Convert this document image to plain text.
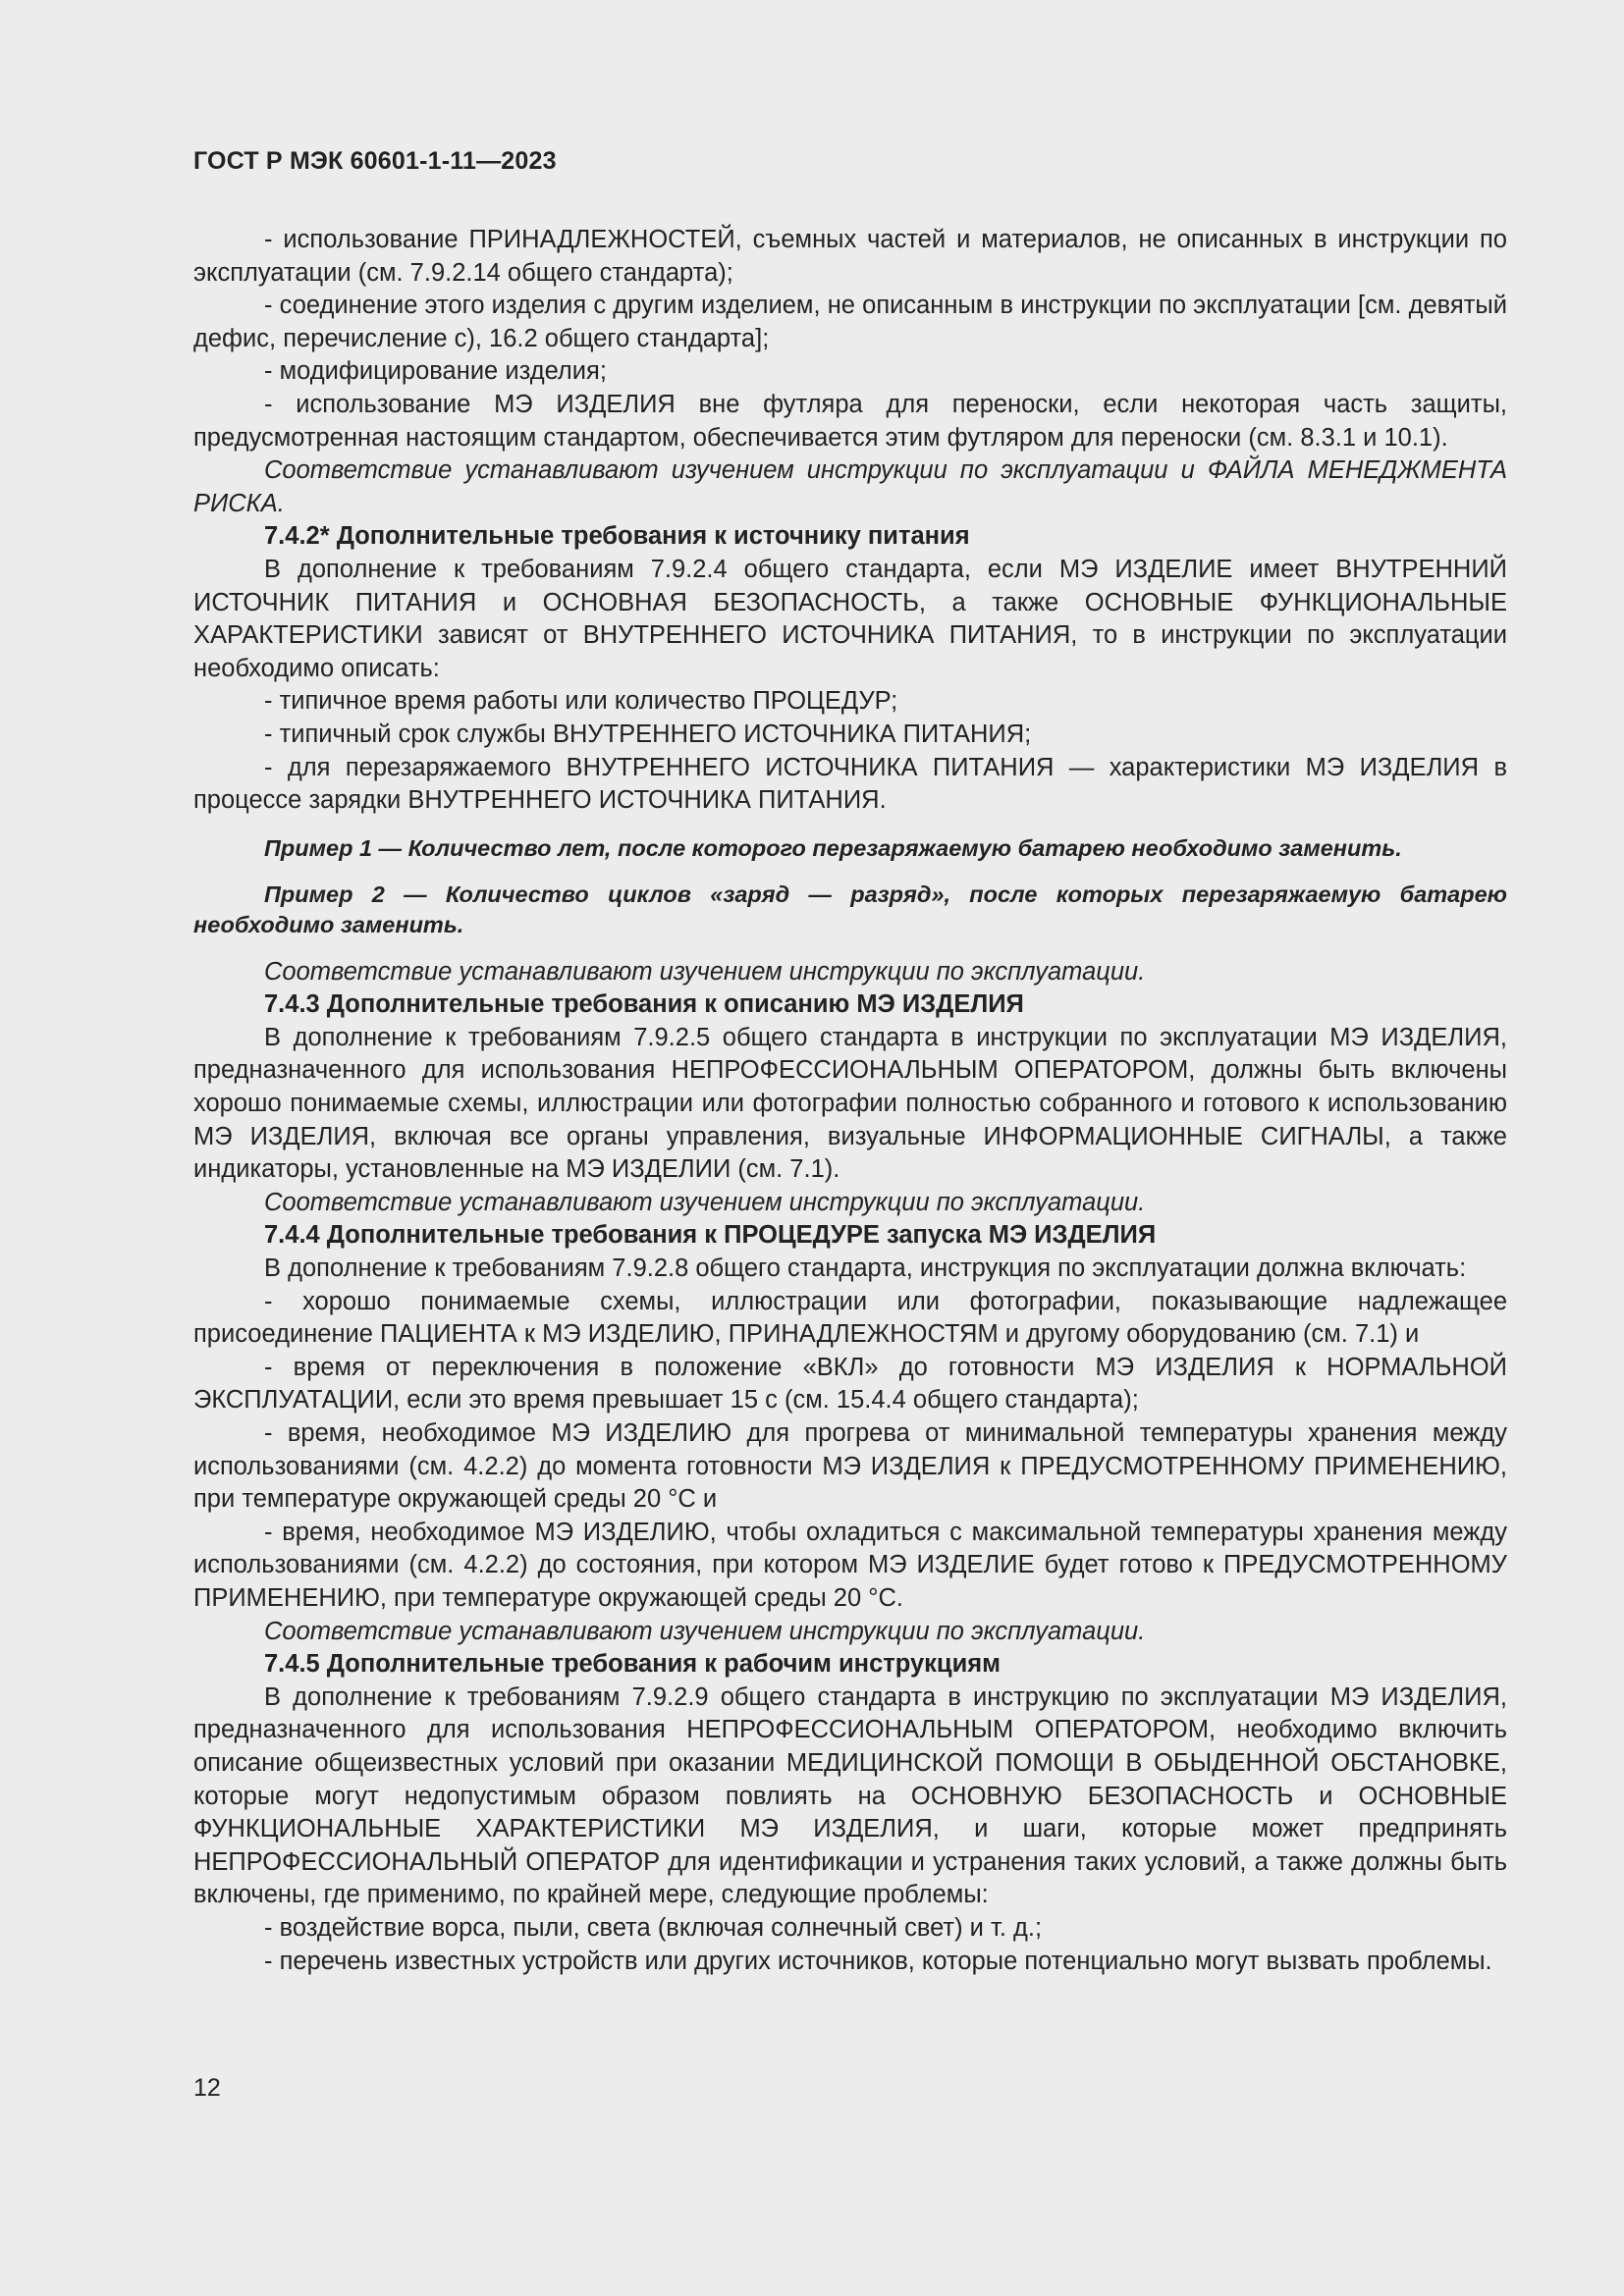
ГОСТ Р МЭК 60601-1-11—2023

- использование ПРИНАДЛЕЖНОСТЕЙ, съемных частей и материалов, не описанных в инструкции по эксплуатации (см. 7.9.2.14 общего стандарта);

- соединение этого изделия с другим изделием, не описанным в инструкции по эксплуатации [см. девятый дефис, перечисление с), 16.2 общего стандарта];

- модифицирование изделия;

- использование МЭ ИЗДЕЛИЯ вне футляра для переноски, если некоторая часть защиты, предусмотренная настоящим стандартом, обеспечивается этим футляром для переноски (см. 8.3.1 и 10.1).

Соответствие устанавливают изучением инструкции по эксплуатации и ФАЙЛА МЕНЕДЖМЕНТА РИСКА.

7.4.2* Дополнительные требования к источнику питания

В дополнение к требованиям 7.9.2.4 общего стандарта, если МЭ ИЗДЕЛИЕ имеет ВНУТРЕННИЙ ИСТОЧНИК ПИТАНИЯ и ОСНОВНАЯ БЕЗОПАСНОСТЬ, а также ОСНОВНЫЕ ФУНКЦИОНАЛЬНЫЕ ХАРАКТЕРИСТИКИ зависят от ВНУТРЕННЕГО ИСТОЧНИКА ПИТАНИЯ, то в инструкции по эксплуатации необходимо описать:

- типичное время работы или количество ПРОЦЕДУР;

- типичный срок службы ВНУТРЕННЕГО ИСТОЧНИКА ПИТАНИЯ;

- для перезаряжаемого ВНУТРЕННЕГО ИСТОЧНИКА ПИТАНИЯ — характеристики МЭ ИЗДЕЛИЯ в процессе зарядки ВНУТРЕННЕГО ИСТОЧНИКА ПИТАНИЯ.

Пример 1 — Количество лет, после которого перезаряжаемую батарею необходимо заменить.

Пример 2 — Количество циклов «заряд — разряд», после которых перезаряжаемую батарею необходимо заменить.

Соответствие устанавливают изучением инструкции по эксплуатации.

7.4.3 Дополнительные требования к описанию МЭ ИЗДЕЛИЯ

В дополнение к требованиям 7.9.2.5 общего стандарта в инструкции по эксплуатации МЭ ИЗДЕЛИЯ, предназначенного для использования НЕПРОФЕССИОНАЛЬНЫМ ОПЕРАТОРОМ, должны быть включены хорошо понимаемые схемы, иллюстрации или фотографии полностью собранного и готового к использованию МЭ ИЗДЕЛИЯ, включая все органы управления, визуальные ИНФОРМАЦИОННЫЕ СИГНАЛЫ, а также индикаторы, установленные на МЭ ИЗДЕЛИИ (см. 7.1).

Соответствие устанавливают изучением инструкции по эксплуатации.

7.4.4 Дополнительные требования к ПРОЦЕДУРЕ запуска МЭ ИЗДЕЛИЯ

В дополнение к требованиям 7.9.2.8 общего стандарта, инструкция по эксплуатации должна включать:

- хорошо понимаемые схемы, иллюстрации или фотографии, показывающие надлежащее присоединение ПАЦИЕНТА к МЭ ИЗДЕЛИЮ, ПРИНАДЛЕЖНОСТЯМ и другому оборудованию (см. 7.1) и

- время от переключения в положение «ВКЛ» до готовности МЭ ИЗДЕЛИЯ к НОРМАЛЬНОЙ ЭКСПЛУАТАЦИИ, если это время превышает 15 с (см. 15.4.4 общего стандарта);

- время, необходимое МЭ ИЗДЕЛИЮ для прогрева от минимальной температуры хранения между использованиями (см. 4.2.2) до момента готовности МЭ ИЗДЕЛИЯ к ПРЕДУСМОТРЕННОМУ ПРИМЕНЕНИЮ, при температуре окружающей среды 20 °С и

- время, необходимое МЭ ИЗДЕЛИЮ, чтобы охладиться с максимальной температуры хранения между использованиями (см. 4.2.2) до состояния, при котором МЭ ИЗДЕЛИЕ будет готово к ПРЕДУСМОТРЕННОМУ ПРИМЕНЕНИЮ, при температуре окружающей среды 20 °С.

Соответствие устанавливают изучением инструкции по эксплуатации.

7.4.5 Дополнительные требования к рабочим инструкциям

В дополнение к требованиям 7.9.2.9 общего стандарта в инструкцию по эксплуатации МЭ ИЗДЕЛИЯ, предназначенного для использования НЕПРОФЕССИОНАЛЬНЫМ ОПЕРАТОРОМ, необходимо включить описание общеизвестных условий при оказании МЕДИЦИНСКОЙ ПОМОЩИ В ОБЫДЕННОЙ ОБСТАНОВКЕ, которые могут недопустимым образом повлиять на ОСНОВНУЮ БЕЗОПАСНОСТЬ и ОСНОВНЫЕ ФУНКЦИОНАЛЬНЫЕ ХАРАКТЕРИСТИКИ МЭ ИЗДЕЛИЯ, и шаги, которые может предпринять НЕПРОФЕССИОНАЛЬНЫЙ ОПЕРАТОР для идентификации и устранения таких условий, а также должны быть включены, где применимо, по крайней мере, следующие проблемы:

- воздействие ворса, пыли, света (включая солнечный свет) и т. д.;

- перечень известных устройств или других источников, которые потенциально могут вызвать проблемы.

12
